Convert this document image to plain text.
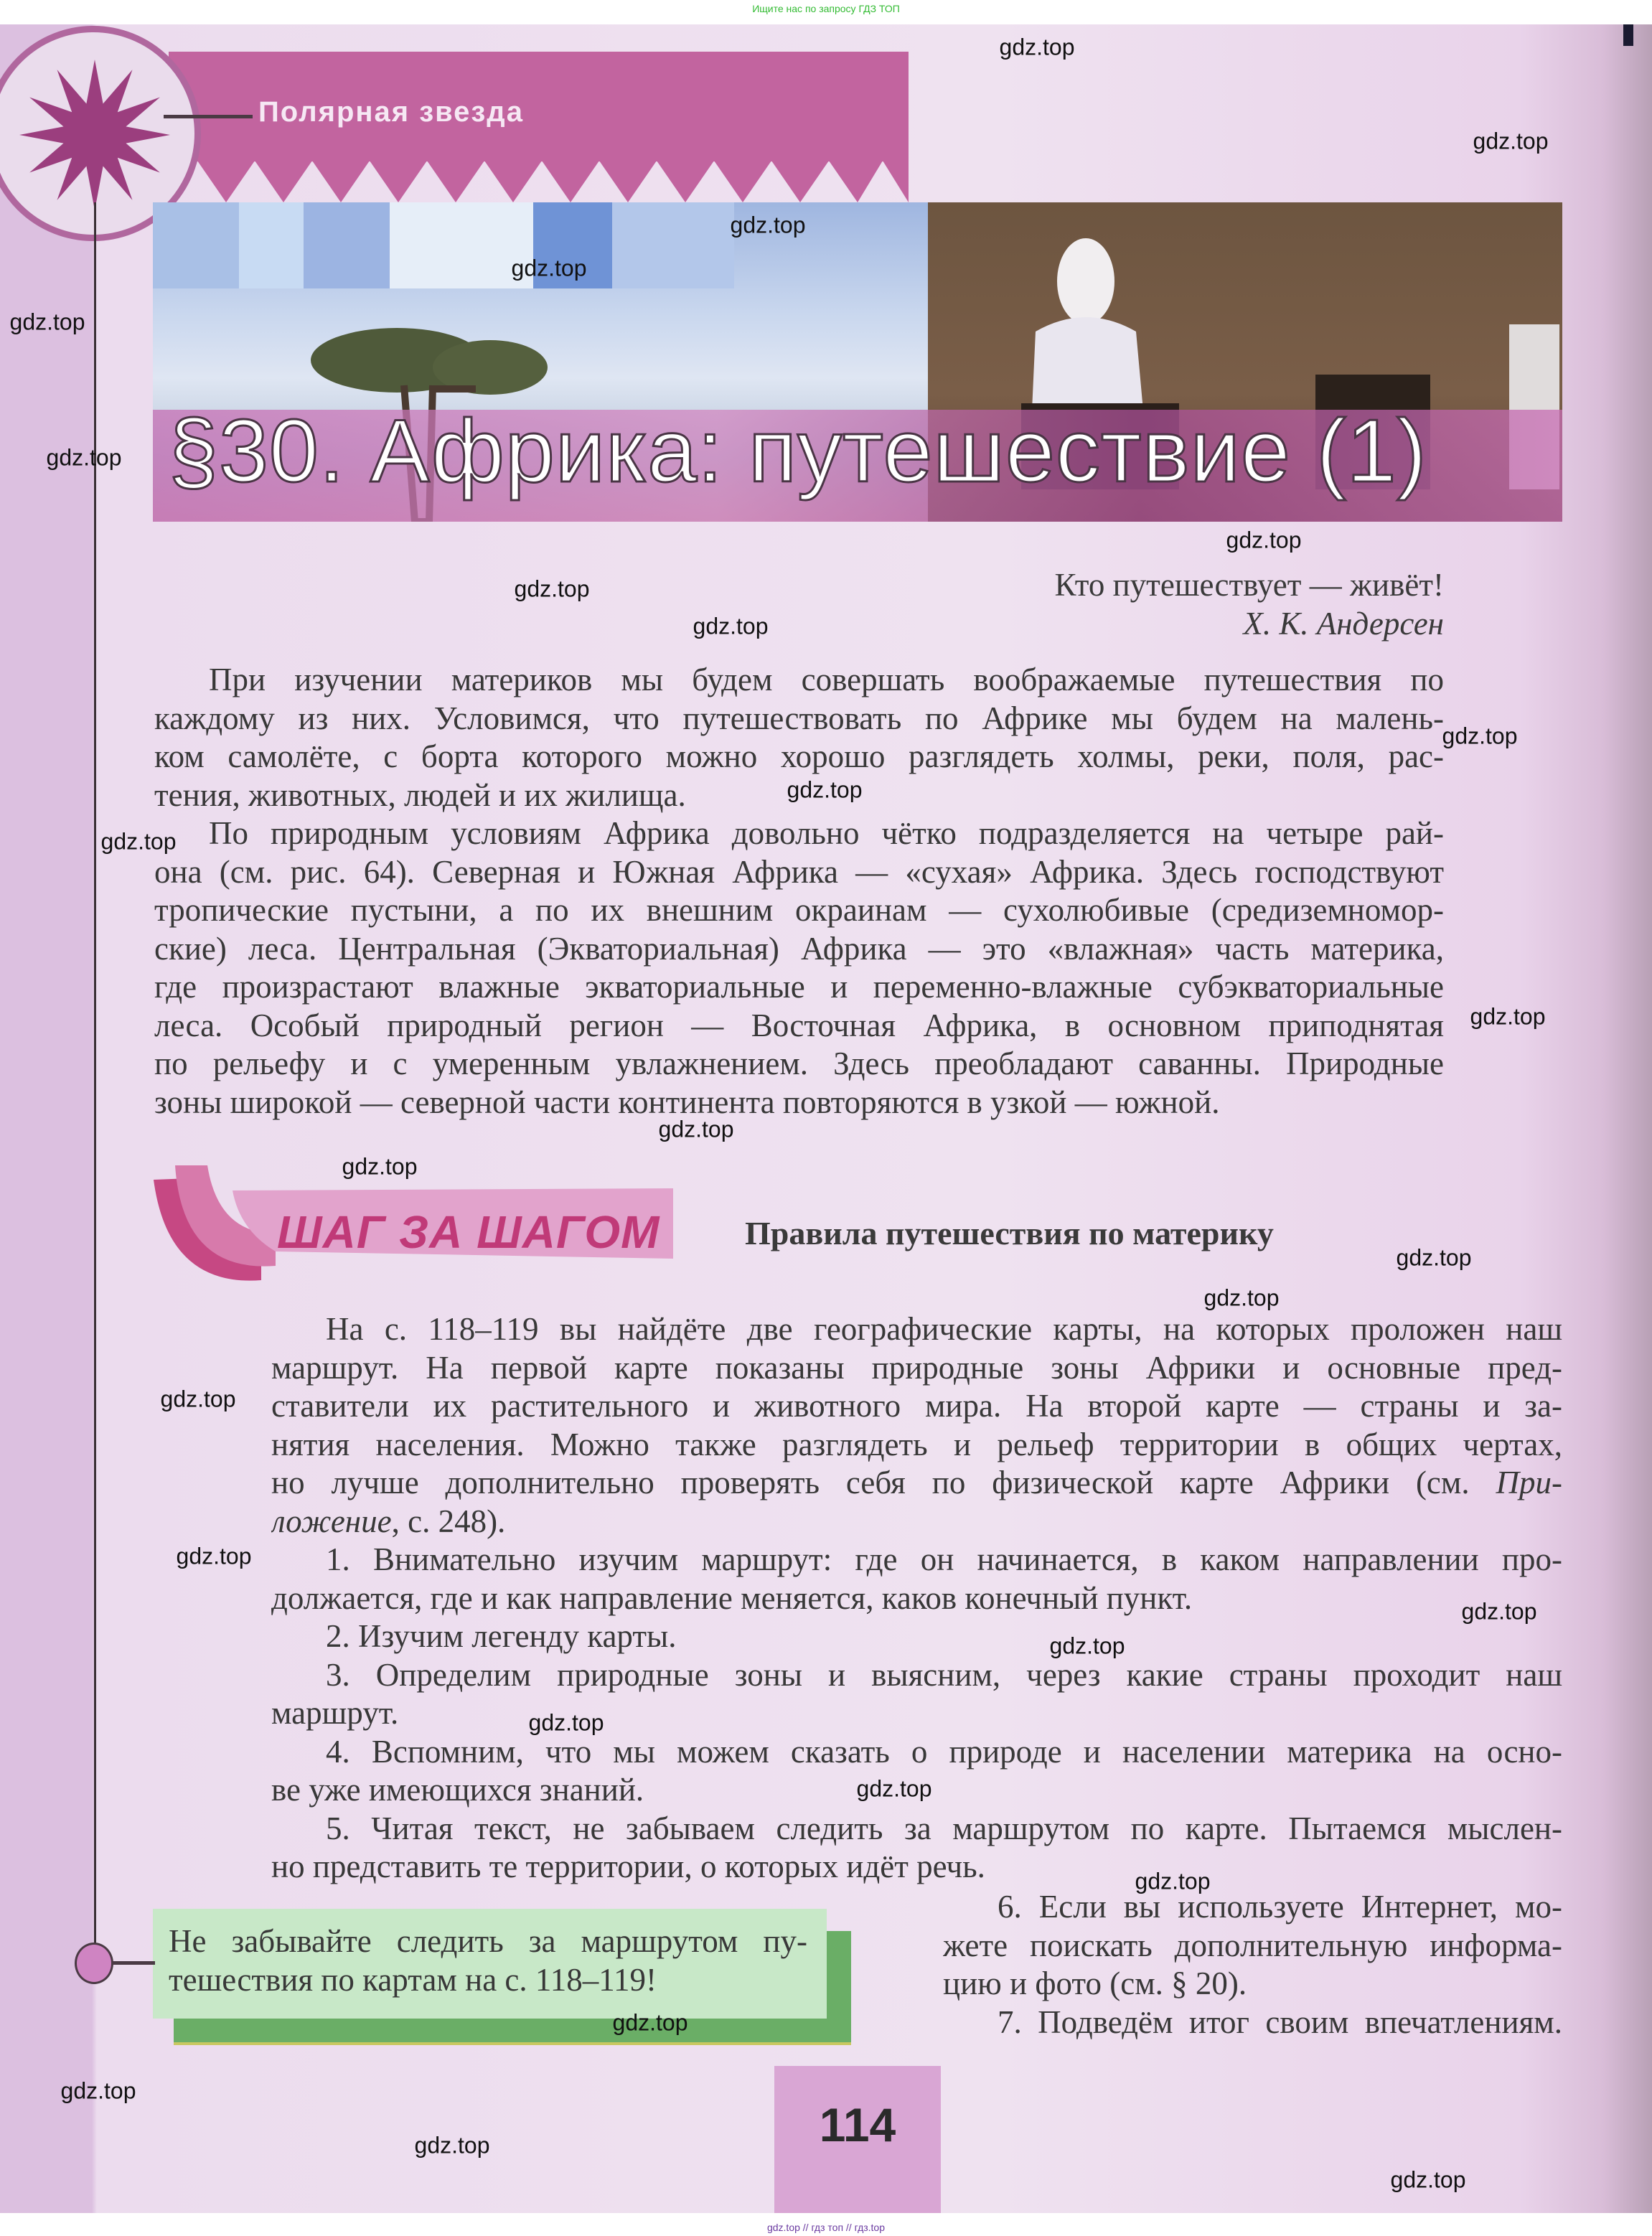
Ищите нас по запросу ГДЗ ТОП
Полярная звезда
§30. Африка: путешествие (1)
Кто путешествует — живёт!
Х. К. Андерсен
При изучении материков мы будем совершать воображаемые путешествия по
каждому из них. Условимся, что путешествовать по Африке мы будем на малень-
ком самолёте, с борта которого можно хорошо разглядеть холмы, реки, поля, рас-
тения, животных, людей и их жилища.
По природным условиям Африка довольно чётко подразделяется на четыре рай-
она (см. рис. 64). Северная и Южная Африка — «сухая» Африка. Здесь господствуют
тропические пустыни, а по их внешним окраинам — сухолюбивые (средиземномор-
ские) леса. Центральная (Экваториальная) Африка — это «влажная» часть материка,
где произрастают влажные экваториальные и переменно-влажные субэкваториальные
леса. Особый природный регион — Восточная Африка, в основном приподнятая
по рельефу и с умеренным увлажнением. Здесь преобладают саванны. Природные
зоны широкой — северной части континента повторяются в узкой — южной.
ШАГ ЗА ШАГОМ	Правила путешествия по материку
На с. 118–119 вы найдёте две географические карты, на которых проложен наш
маршрут. На первой карте показаны природные зоны Африки и основные пред-
ставители их растительного и животного мира. На второй карте — страны и за-
нятия населения. Можно также разглядеть и рельеф территории в общих чертах,
но лучше дополнительно проверять себя по физической карте Африки (см. При-
ложение, с. 248).
1. Внимательно изучим маршрут: где он начинается, в каком направлении про-
должается, где и как направление меняется, каков конечный пункт.
2. Изучим легенду карты.
3. Определим природные зоны и выясним, через какие страны проходит наш
маршрут.
4. Вспомним, что мы можем сказать о природе и населении материка на осно-
ве уже имеющихся знаний.
5. Читая текст, не забываем следить за маршрутом по карте. Пытаемся мыслен-
но представить те территории, о которых идёт речь.
6. Если вы используете Интернет, мо-
жете поискать дополнительную информа-
цию и фото (см. § 20).
7. Подведём итог своим впечатлениям.
Не забывайте следить за маршрутом пу-
тешествия по картам на с. 118–119!
114
gdz.top
gdz.top
gdz.top
gdz.top
gdz.top
gdz.top
gdz.top
gdz.top
gdz.top
gdz.top
gdz.top
gdz.top
gdz.top
gdz.top
gdz.top
gdz.top
gdz.top
gdz.top
gdz.top
gdz.top
gdz.top
gdz.top
gdz.top
gdz.top
gdz.top
gdz.top
gdz.top
gdz.top
gdz.top // гдз топ // гдз.top
